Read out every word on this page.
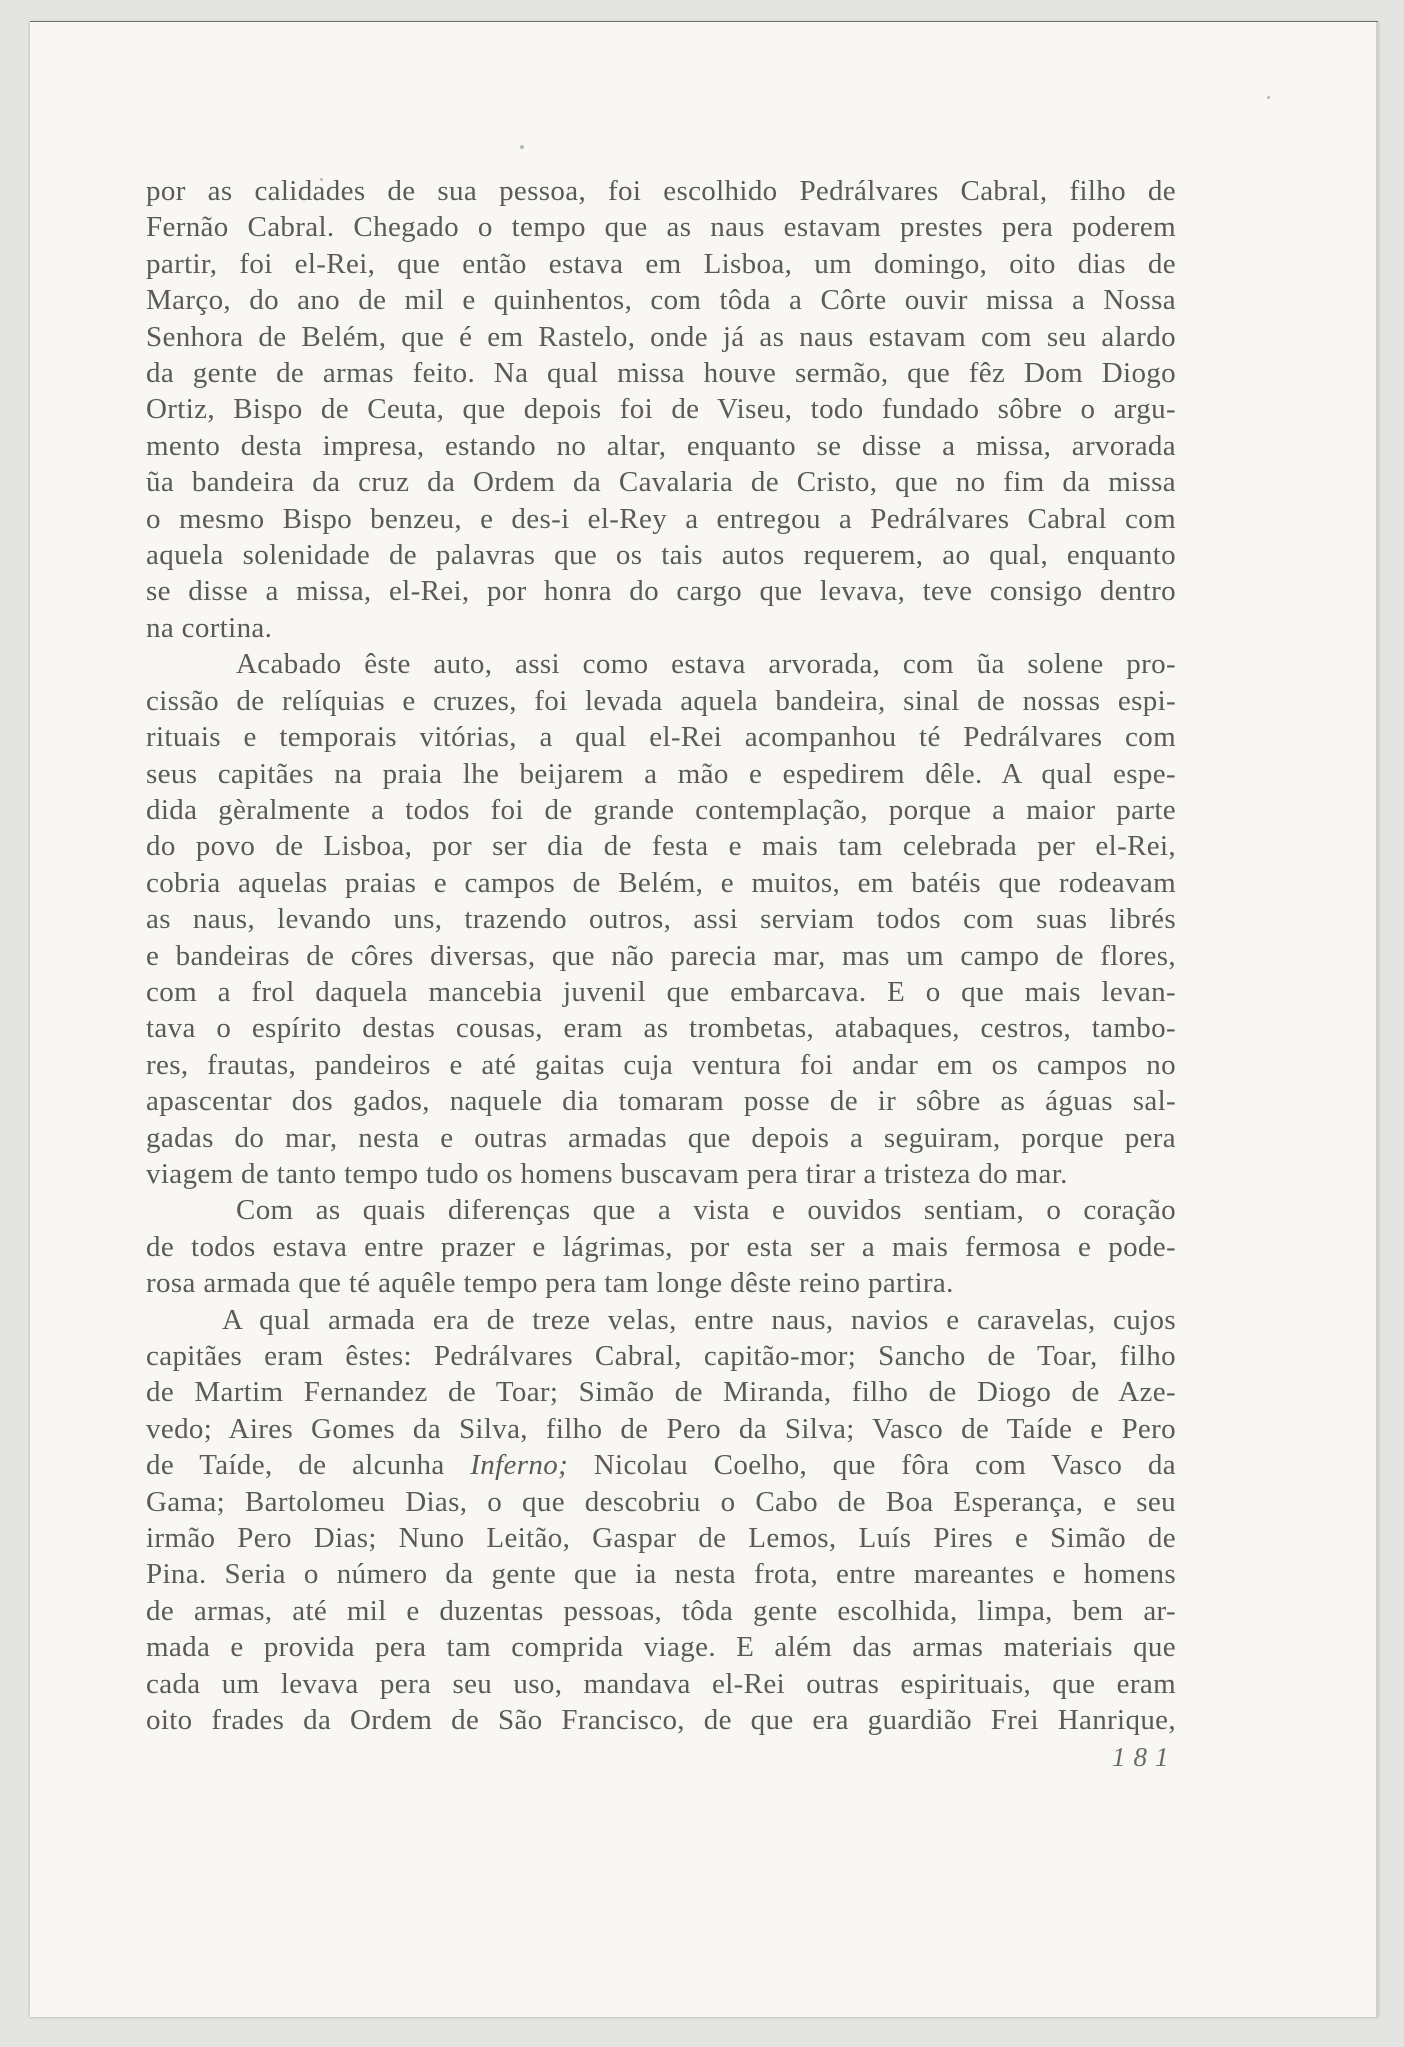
por as calidades de sua pessoa, foi escolhido Pedrálvares Cabral, filho de
Fernão Cabral. Chegado o tempo que as naus estavam prestes pera poderem
partir, foi el-Rei, que então estava em Lisboa, um domingo, oito dias de
Março, do ano de mil e quinhentos, com tôda a Côrte ouvir missa a Nossa
Senhora de Belém, que é em Rastelo, onde já as naus estavam com seu alardo
da gente de armas feito. Na qual missa houve sermão, que fêz Dom Diogo
Ortiz, Bispo de Ceuta, que depois foi de Viseu, todo fundado sôbre o argu-
mento desta impresa, estando no altar, enquanto se disse a missa, arvorada
ũa bandeira da cruz da Ordem da Cavalaria de Cristo, que no fim da missa
o mesmo Bispo benzeu, e des-i el-Rey a entregou a Pedrálvares Cabral com
aquela solenidade de palavras que os tais autos requerem, ao qual, enquanto
se disse a missa, el-Rei, por honra do cargo que levava, teve consigo dentro
na cortina.
Acabado êste auto, assi como estava arvorada, com ũa solene pro-
cissão de relíquias e cruzes, foi levada aquela bandeira, sinal de nossas espi-
rituais e temporais vitórias, a qual el-Rei acompanhou té Pedrálvares com
seus capitães na praia lhe beijarem a mão e espedirem dêle. A qual espe-
dida gèralmente a todos foi de grande contemplação, porque a maior parte
do povo de Lisboa, por ser dia de festa e mais tam celebrada per el-Rei,
cobria aquelas praias e campos de Belém, e muitos, em batéis que rodeavam
as naus, levando uns, trazendo outros, assi serviam todos com suas librés
e bandeiras de côres diversas, que não parecia mar, mas um campo de flores,
com a frol daquela mancebia juvenil que embarcava. E o que mais levan-
tava o espírito destas cousas, eram as trombetas, atabaques, cestros, tambo-
res, frautas, pandeiros e até gaitas cuja ventura foi andar em os campos no
apascentar dos gados, naquele dia tomaram posse de ir sôbre as águas sal-
gadas do mar, nesta e outras armadas que depois a seguiram, porque pera
viagem de tanto tempo tudo os homens buscavam pera tirar a tristeza do mar.
Com as quais diferenças que a vista e ouvidos sentiam, o coração
de todos estava entre prazer e lágrimas, por esta ser a mais fermosa e pode-
rosa armada que té aquêle tempo pera tam longe dêste reino partira.
A qual armada era de treze velas, entre naus, navios e caravelas, cujos
capitães eram êstes: Pedrálvares Cabral, capitão-mor; Sancho de Toar, filho
de Martim Fernandez de Toar; Simão de Miranda, filho de Diogo de Aze-
vedo; Aires Gomes da Silva, filho de Pero da Silva; Vasco de Taíde e Pero
de Taíde, de alcunha Inferno; Nicolau Coelho, que fôra com Vasco da
Gama; Bartolomeu Dias, o que descobriu o Cabo de Boa Esperança, e seu
irmão Pero Dias; Nuno Leitão, Gaspar de Lemos, Luís Pires e Simão de
Pina. Seria o número da gente que ia nesta frota, entre mareantes e homens
de armas, até mil e duzentas pessoas, tôda gente escolhida, limpa, bem ar-
mada e provida pera tam comprida viage. E além das armas materiais que
cada um levava pera seu uso, mandava el-Rei outras espirituais, que eram
oito frades da Ordem de São Francisco, de que era guardião Frei Hanrique,
181
